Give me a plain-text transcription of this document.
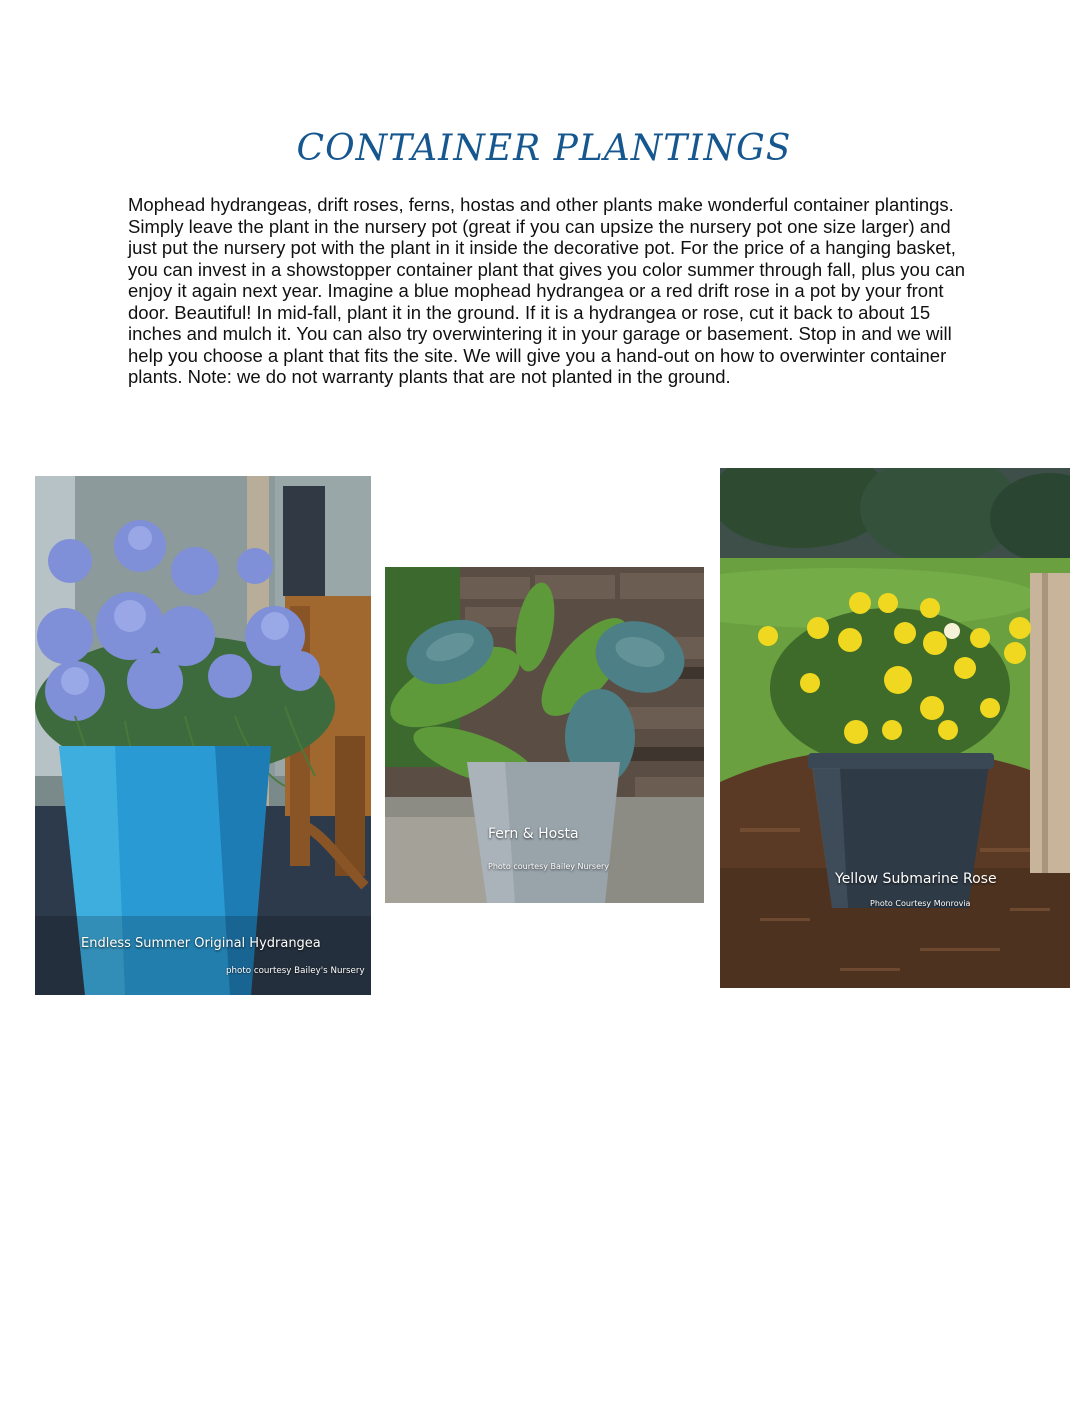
CONTAINER PLANTINGS

Mophead hydrangeas, drift roses, ferns, hostas and other plants make wonderful container plantings. Simply leave the plant in the nursery pot (great if you can upsize the nursery pot one size larger) and just put the nursery pot with the plant in it inside the decorative pot. For the price of a hanging basket, you can invest in a showstopper container plant that gives you color summer through fall, plus you can enjoy it again next year. Imagine a blue mophead hydrangea or a red drift rose in a pot by your front door. Beautiful! In mid-fall, plant it in the ground. If it is a hydrangea or rose, cut it back to about 15 inches and mulch it. You can also try overwintering it in your garage or basement. Stop in and we will help you choose a plant that fits the site. We will give you a hand-out on how to overwinter container plants. Note: we do not warranty plants that are not planted in the ground.

Endless Summer Original Hydrangea
photo courtesy Bailey's Nursery
Fern & Hosta
Photo courtesy Bailey Nursery
Yellow Submarine Rose
Photo Courtesy Monrovia
